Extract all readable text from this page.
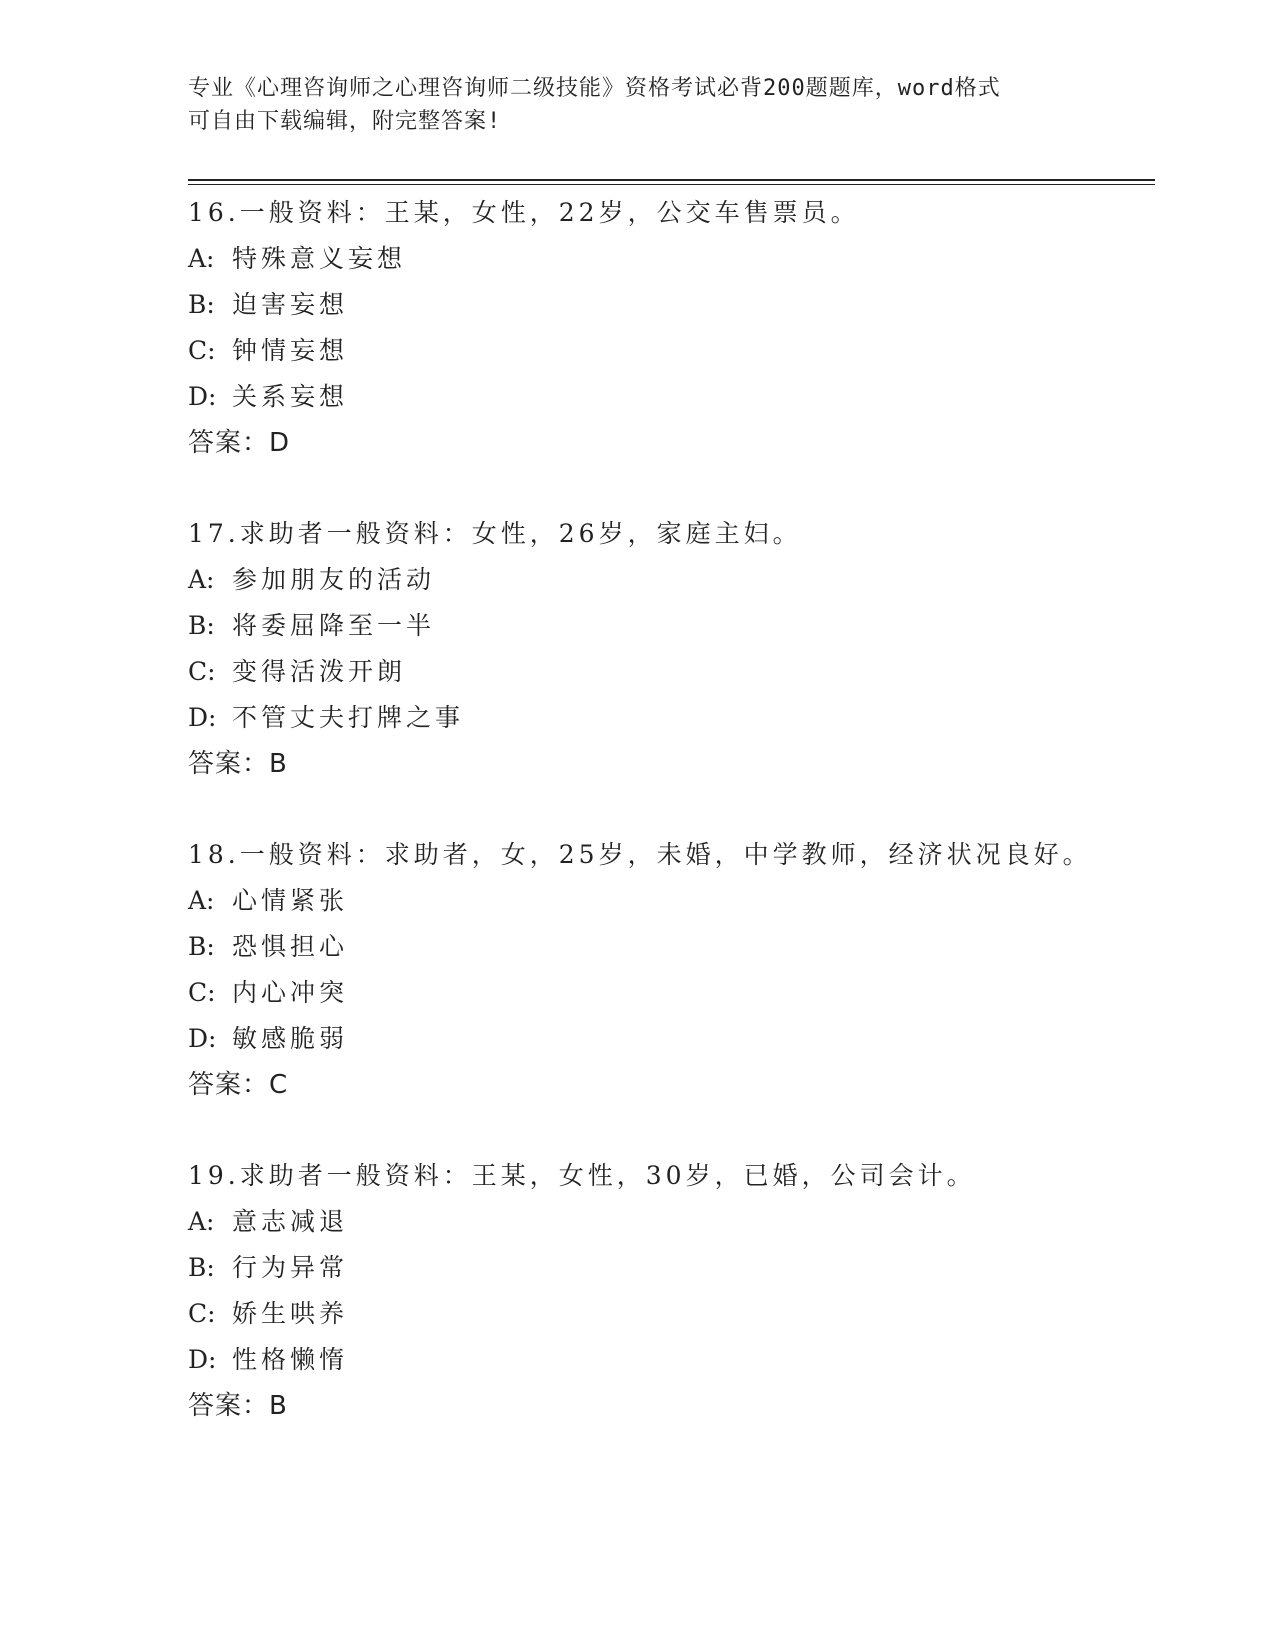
专业《心理咨询师之心理咨询师二级技能》资格考试必背200题题库，word格式
可自由下载编辑，附完整答案!
16.一般资料：王某，女性，22岁，公交车售票员。
A: 特殊意义妄想
B: 迫害妄想
C: 钟情妄想
D: 关系妄想
答案：D
17.求助者一般资料：女性，26岁，家庭主妇。
A: 参加朋友的活动
B: 将委屈降至一半
C: 变得活泼开朗
D: 不管丈夫打牌之事
答案：B
18.一般资料：求助者，女，25岁，未婚，中学教师，经济状况良好。
A: 心情紧张
B: 恐惧担心
C: 内心冲突
D: 敏感脆弱
答案：C
19.求助者一般资料：王某，女性，30岁，已婚，公司会计。
A: 意志减退
B: 行为异常
C: 娇生哄养
D: 性格懒惰
答案：B
